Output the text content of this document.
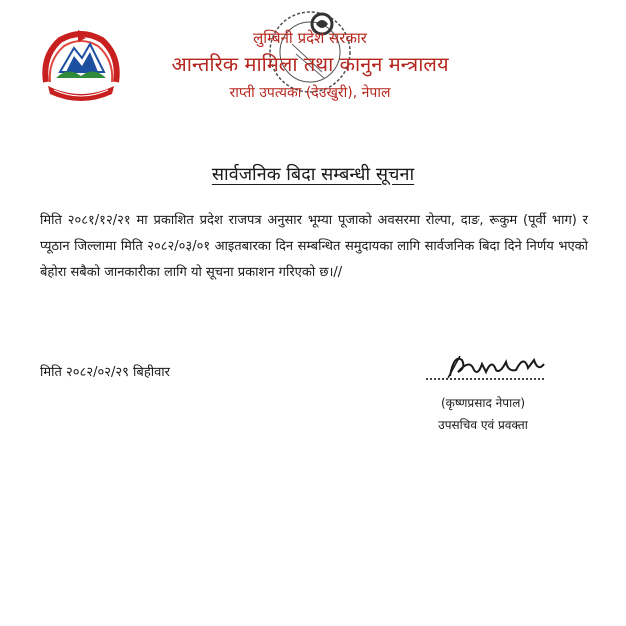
लुम्बिनी प्रदेश सरकार
आन्तरिक मामिला तथा कानुन मन्त्रालय
राप्ती उपत्यका (देउखुरी), नेपाल
सार्वजनिक बिदा सम्बन्धी सूचना
मिति २०८१/१२/२१ मा प्रकाशित प्रदेश राजपत्र अनुसार भूम्या पूजाको अवसरमा रोल्पा, दाङ, रूकुम (पूर्वी भाग) र प्यूठान जिल्लामा मिति २०८२/०३/०१ आइतबारका दिन सम्बन्धित समुदायका लागि सार्वजनिक बिदा दिने निर्णय भएको बेहोरा सबैको जानकारीका लागि यो सूचना प्रकाशन गरिएको छ।//
मिति २०८२/०२/२९ बिहीवार
(कृष्णप्रसाद नेपाल)
उपसचिव एवं प्रवक्ता
